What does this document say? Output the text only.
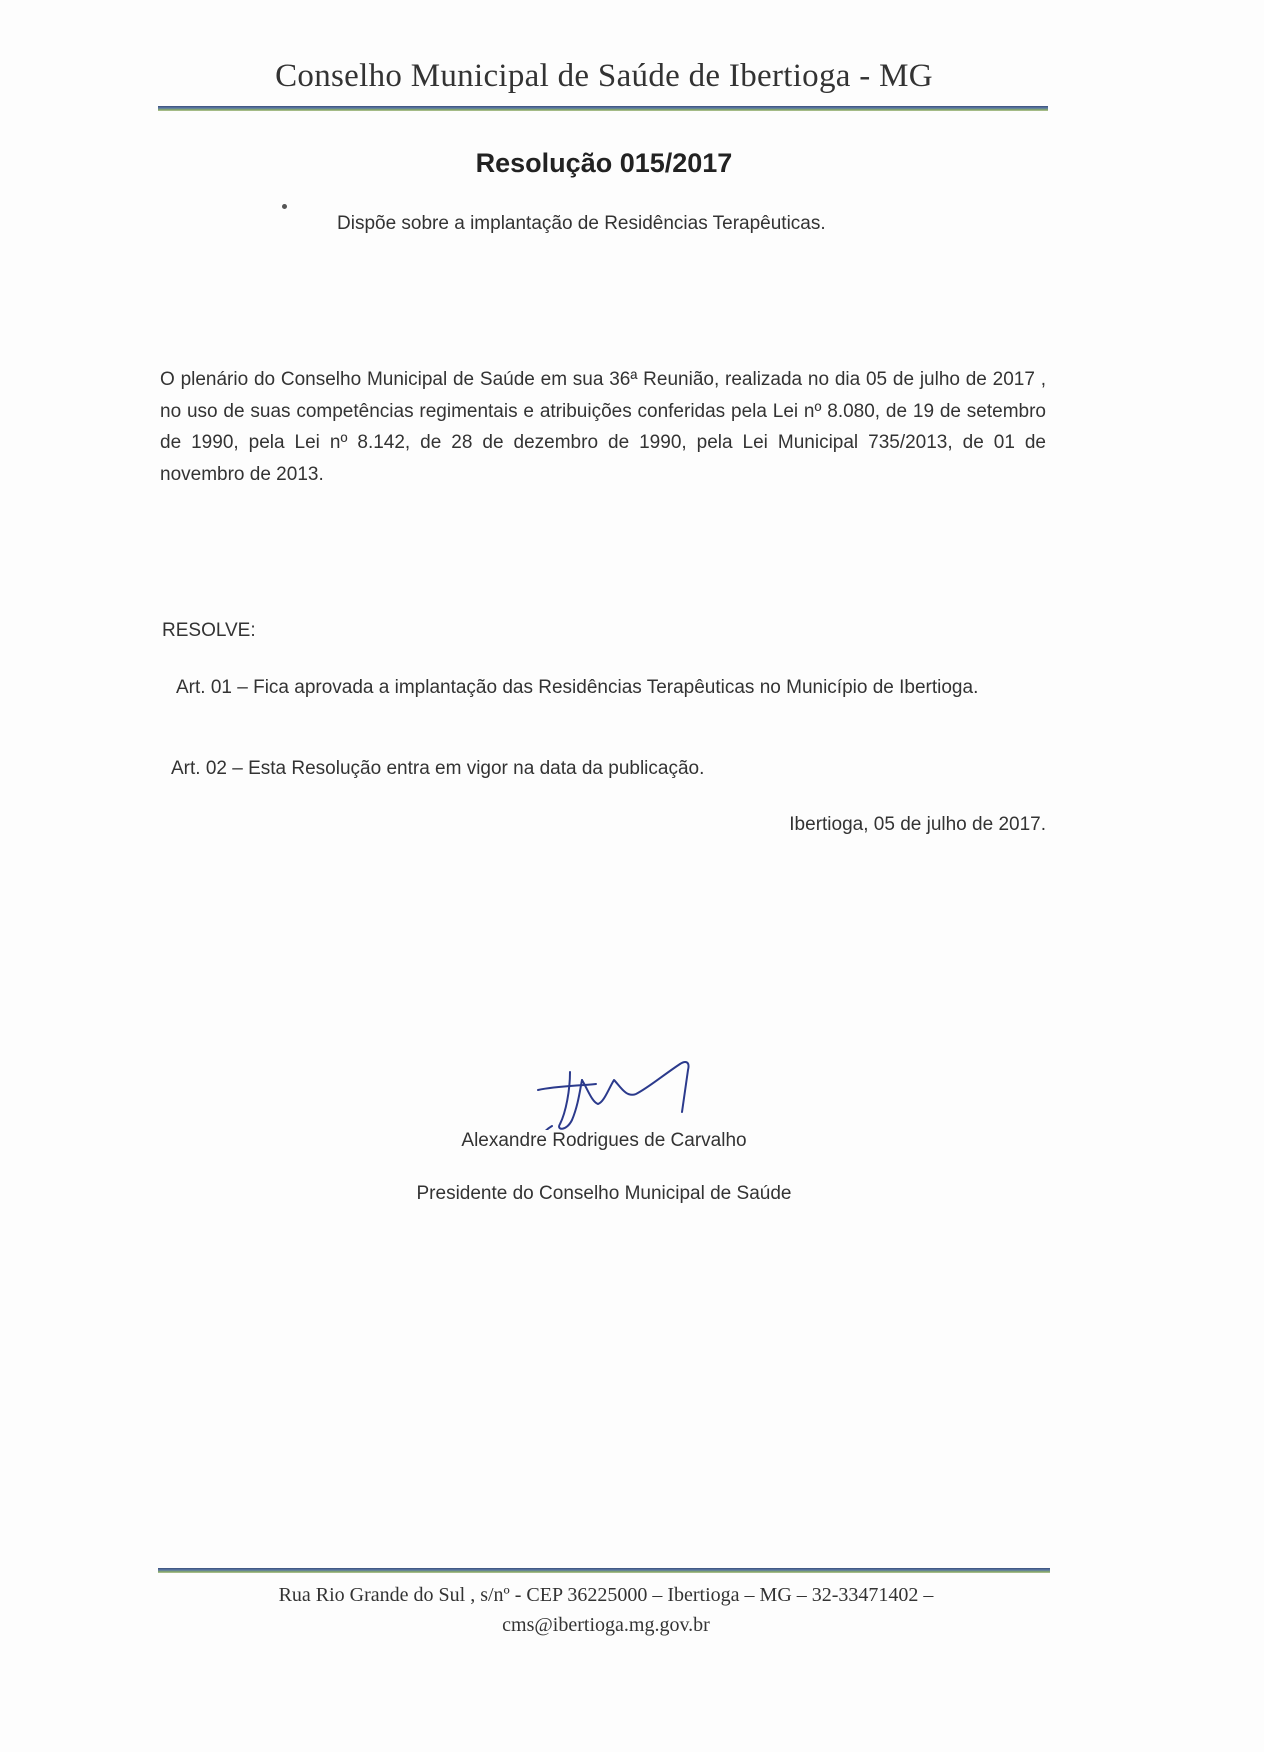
Conselho Municipal de Saúde de Ibertioga - MG
Resolução 015/2017
Dispõe sobre a implantação de Residências Terapêuticas.
O plenário do Conselho Municipal de Saúde em sua 36ª Reunião, realizada no dia 05 de julho de 2017 , no uso de suas competências regimentais e atribuições conferidas pela Lei nº 8.080, de 19 de setembro de 1990, pela Lei nº 8.142, de 28 de dezembro de 1990, pela Lei Municipal 735/2013, de 01 de novembro de 2013.
RESOLVE:
Art. 01 – Fica aprovada a implantação das Residências Terapêuticas no Município de Ibertioga.
Art. 02 – Esta Resolução entra em vigor na data da publicação.
Ibertioga, 05 de julho de 2017.
Alexandre Rodrigues de Carvalho
Presidente do Conselho Municipal de Saúde
Rua Rio Grande do Sul , s/nº - CEP 36225000 – Ibertioga – MG – 32-33471402 –
cms@ibertioga.mg.gov.br
